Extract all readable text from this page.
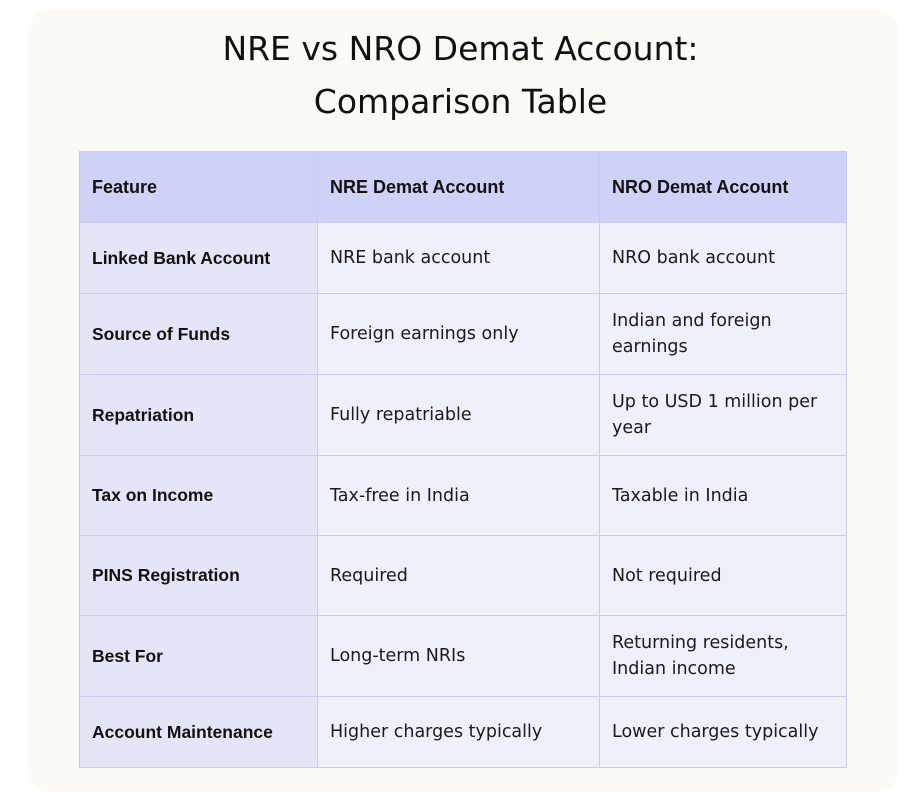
NRE vs NRO Demat Account:
Comparison Table
Feature	NRE Demat Account	NRO Demat Account
Linked Bank Account	NRE bank account	NRO bank account
Source of Funds	Foreign earnings only	Indian and foreign earnings
Repatriation	Fully repatriable	Up to USD 1 million per year
Tax on Income	Tax-free in India	Taxable in India
PINS Registration	Required	Not required
Best For	Long-term NRIs	Returning residents, Indian income
Account Maintenance	Higher charges typically	Lower charges typically
